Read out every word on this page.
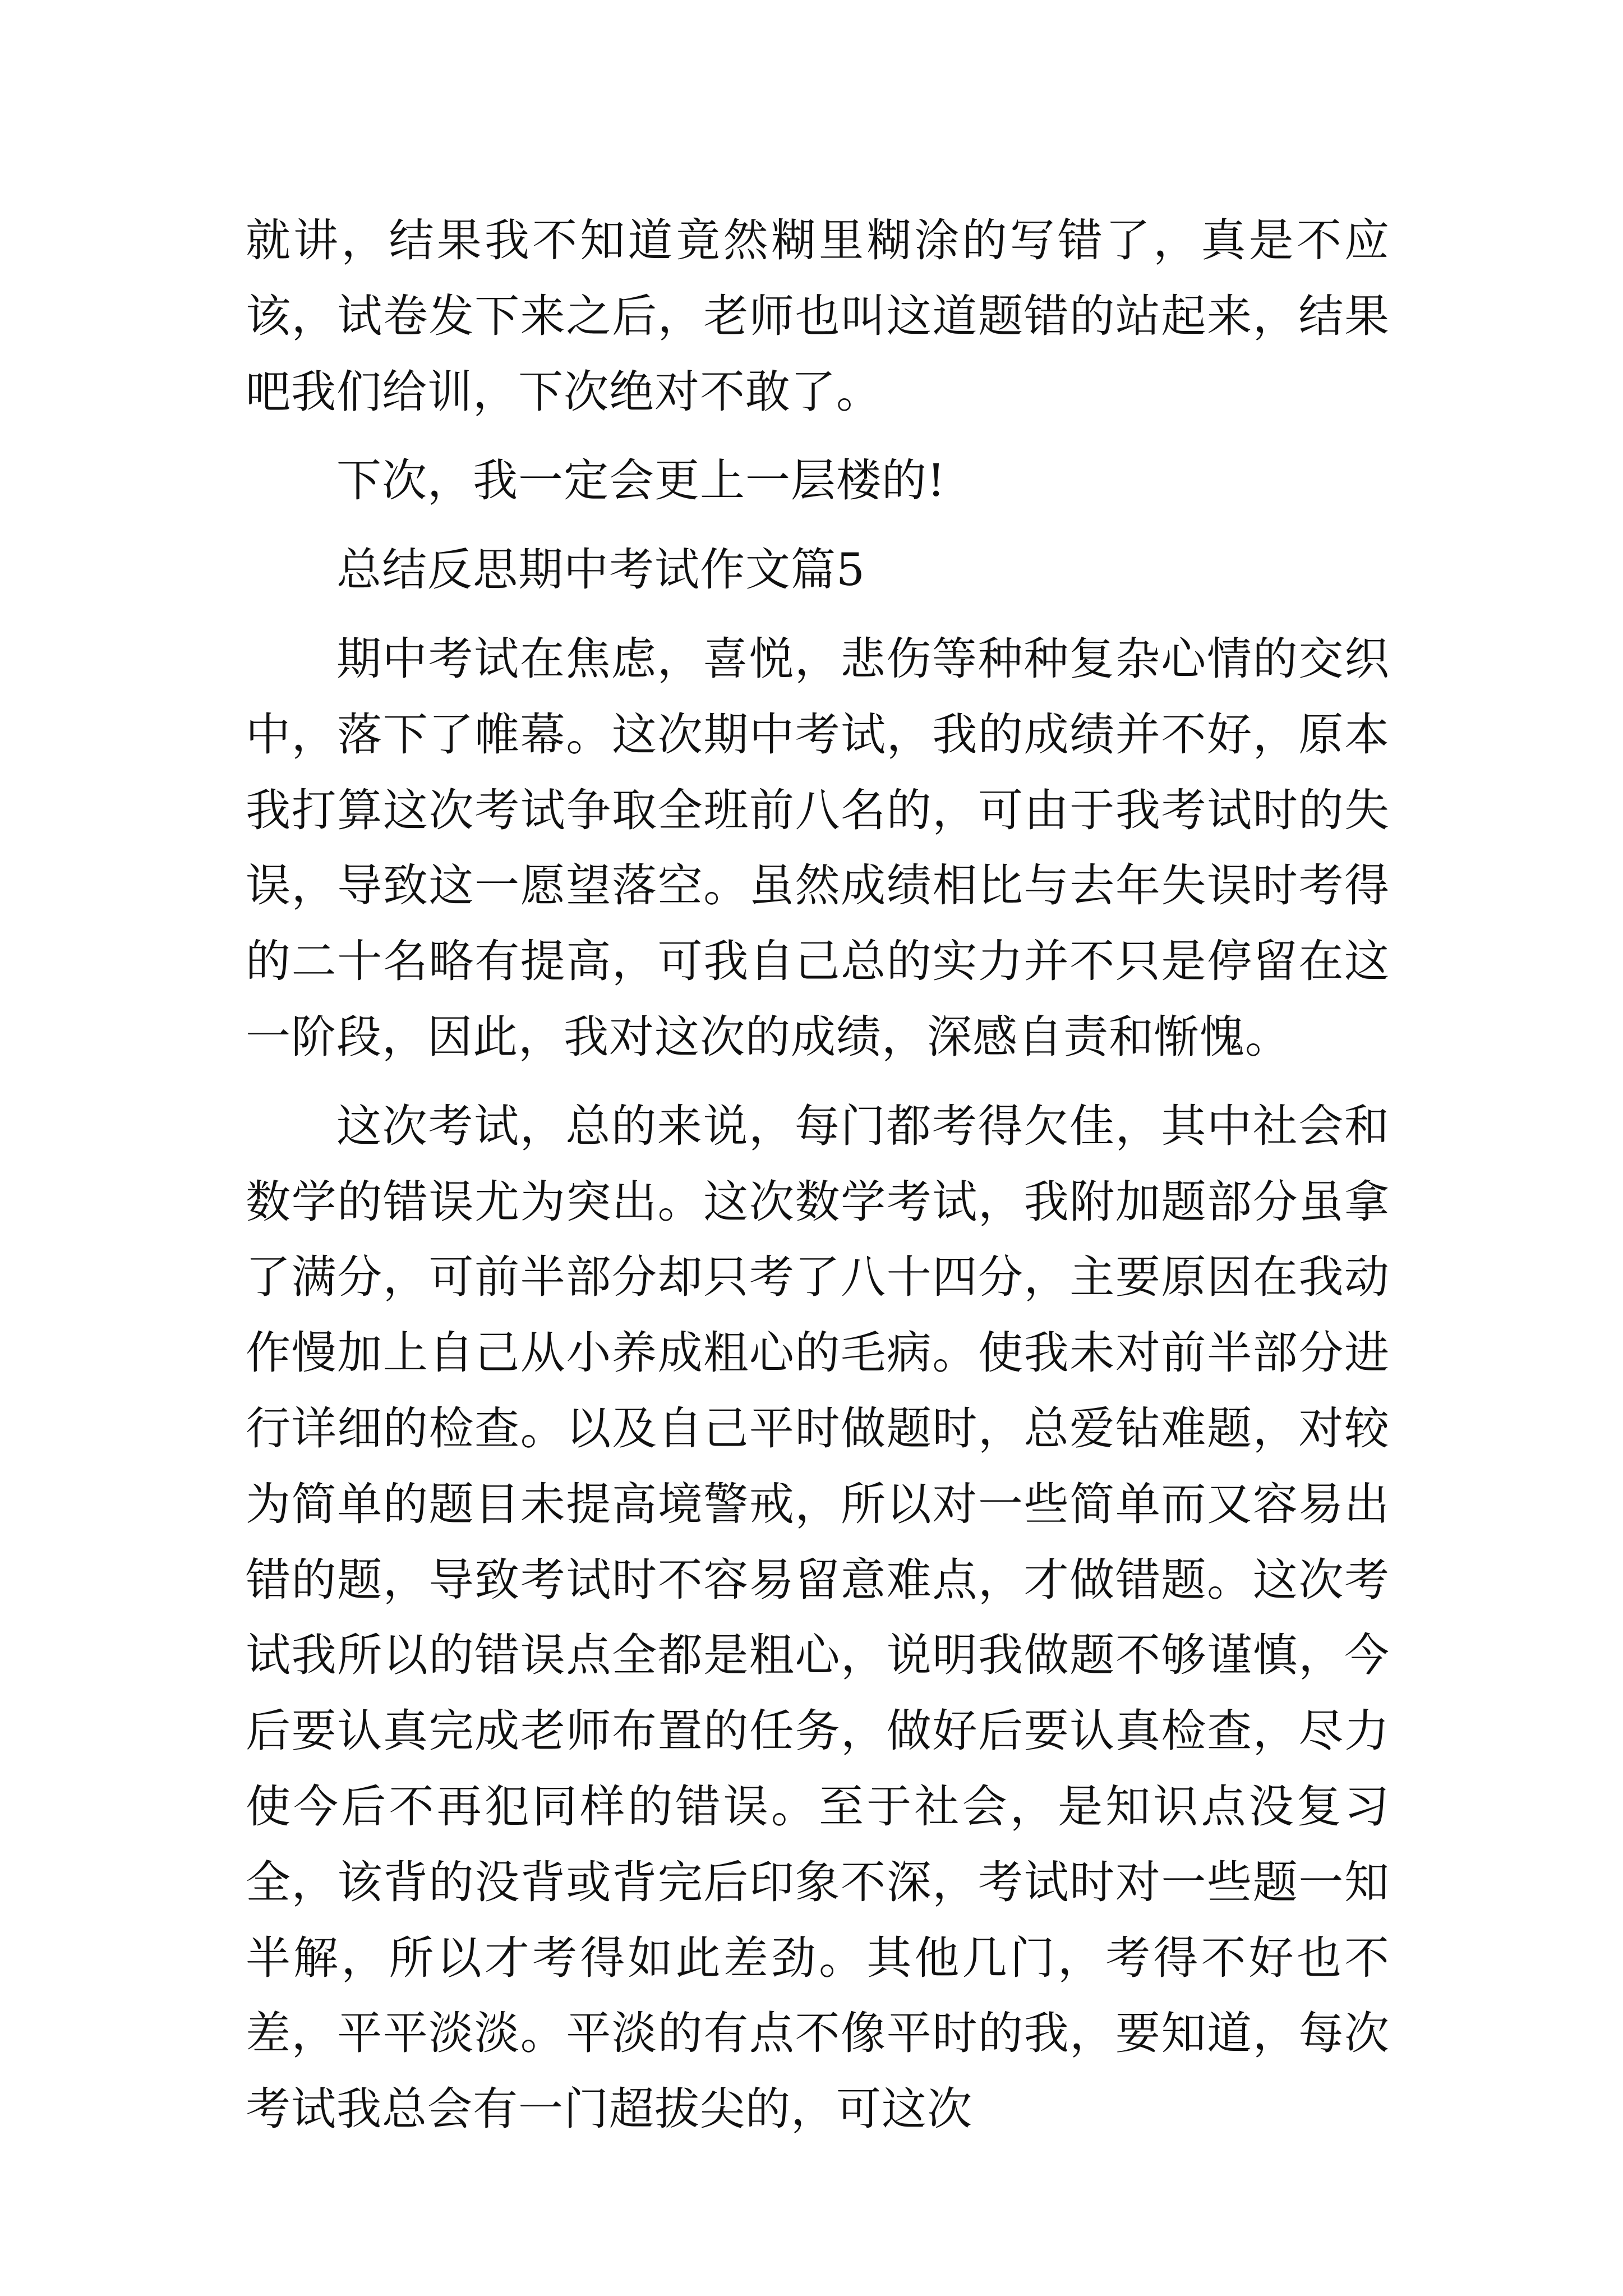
就讲，结果我不知道竟然糊里糊涂的写错了，真是不应该，试卷发下来之后，老师也叫这道题错的站起来，结果吧我们给训，下次绝对不敢了。

下次，我一定会更上一层楼的!

总结反思期中考试作文篇5

期中考试在焦虑，喜悦，悲伤等种种复杂心情的交织中，落下了帷幕。这次期中考试，我的成绩并不好，原本我打算这次考试争取全班前八名的，可由于我考试时的失误，导致这一愿望落空。虽然成绩相比与去年失误时考得的二十名略有提高，可我自己总的实力并不只是停留在这一阶段，因此，我对这次的成绩，深感自责和惭愧。

这次考试，总的来说，每门都考得欠佳，其中社会和数学的错误尤为突出。这次数学考试，我附加题部分虽拿了满分，可前半部分却只考了八十四分，主要原因在我动作慢加上自己从小养成粗心的毛病。使我未对前半部分进行详细的检查。以及自己平时做题时，总爱钻难题，对较为简单的题目未提高境警戒，所以对一些简单而又容易出错的题，导致考试时不容易留意难点，才做错题。这次考试我所以的错误点全都是粗心，说明我做题不够谨慎，今后要认真完成老师布置的任务，做好后要认真检查，尽力使今后不再犯同样的错误。至于社会，是知识点没复习全，该背的没背或背完后印象不深，考试时对一些题一知半解，所以才考得如此差劲。其他几门，考得不好也不差，平平淡淡。平淡的有点不像平时的我，要知道，每次考试我总会有一门超拔尖的，可这次
